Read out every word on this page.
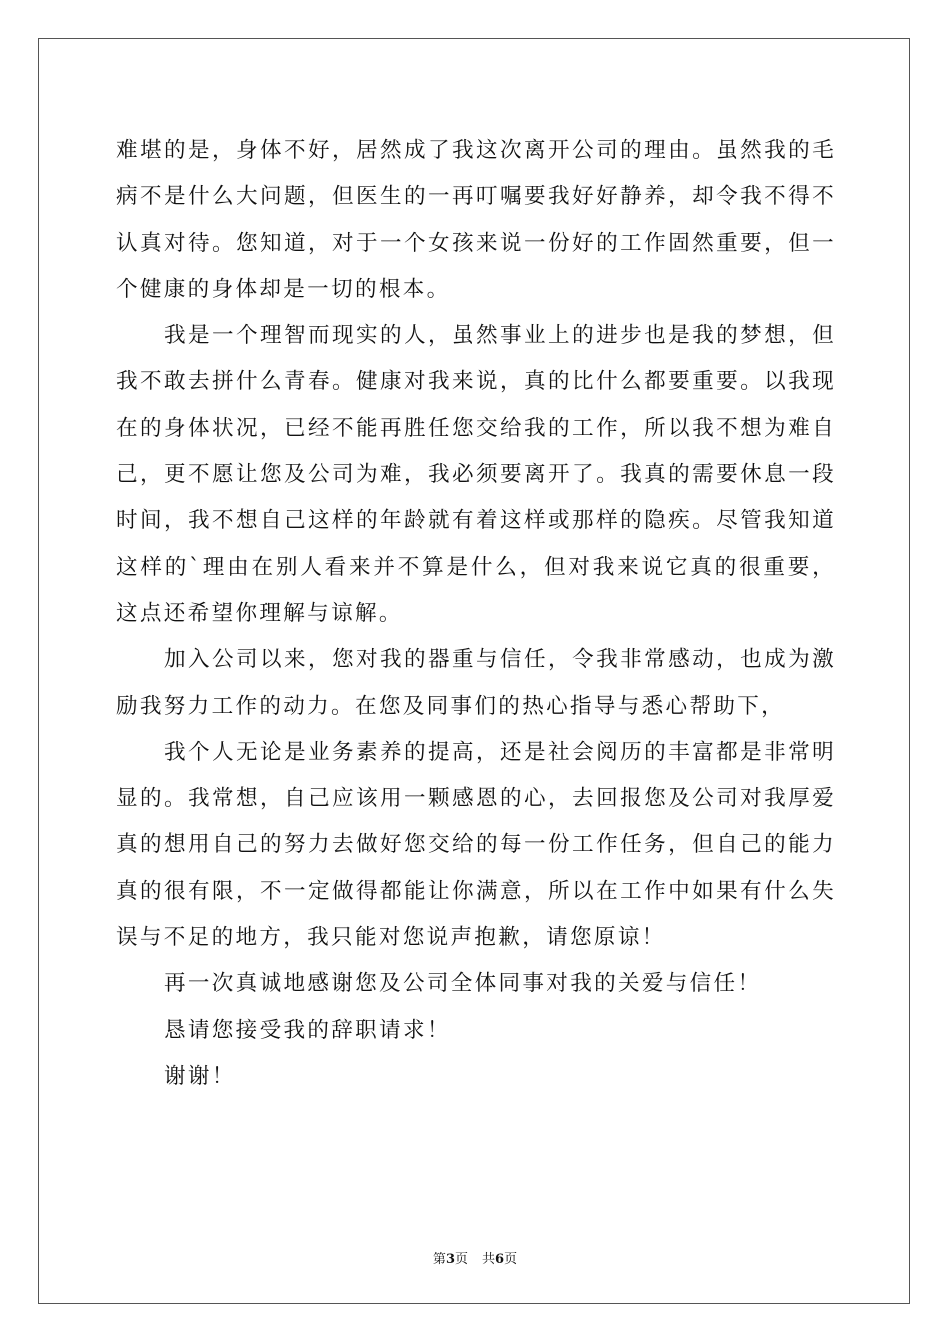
难堪的是，身体不好，居然成了我这次离开公司的理由。虽然我的毛病不是什么大问题，但医生的一再叮嘱要我好好静养，却令我不得不认真对待。您知道，对于一个女孩来说一份好的工作固然重要，但一个健康的身体却是一切的根本。

我是一个理智而现实的人，虽然事业上的进步也是我的梦想，但我不敢去拼什么青春。健康对我来说，真的比什么都要重要。以我现在的身体状况，已经不能再胜任您交给我的工作，所以我不想为难自己，更不愿让您及公司为难，我必须要离开了。我真的需要休息一段时间，我不想自己这样的年龄就有着这样或那样的隐疾。尽管我知道这样的`理由在别人看来并不算是什么，但对我来说它真的很重要，这点还希望你理解与谅解。

加入公司以来，您对我的器重与信任，令我非常感动，也成为激励我努力工作的动力。在您及同事们的热心指导与悉心帮助下，

我个人无论是业务素养的提高，还是社会阅历的丰富都是非常明显的。我常想，自己应该用一颗感恩的心，去回报您及公司对我厚爱真的想用自己的努力去做好您交给的每一份工作任务，但自己的能力真的很有限，不一定做得都能让你满意，所以在工作中如果有什么失误与不足的地方，我只能对您说声抱歉，请您原谅！

再一次真诚地感谢您及公司全体同事对我的关爱与信任！

恳请您接受我的辞职请求！

谢谢！

第3页 共6页
